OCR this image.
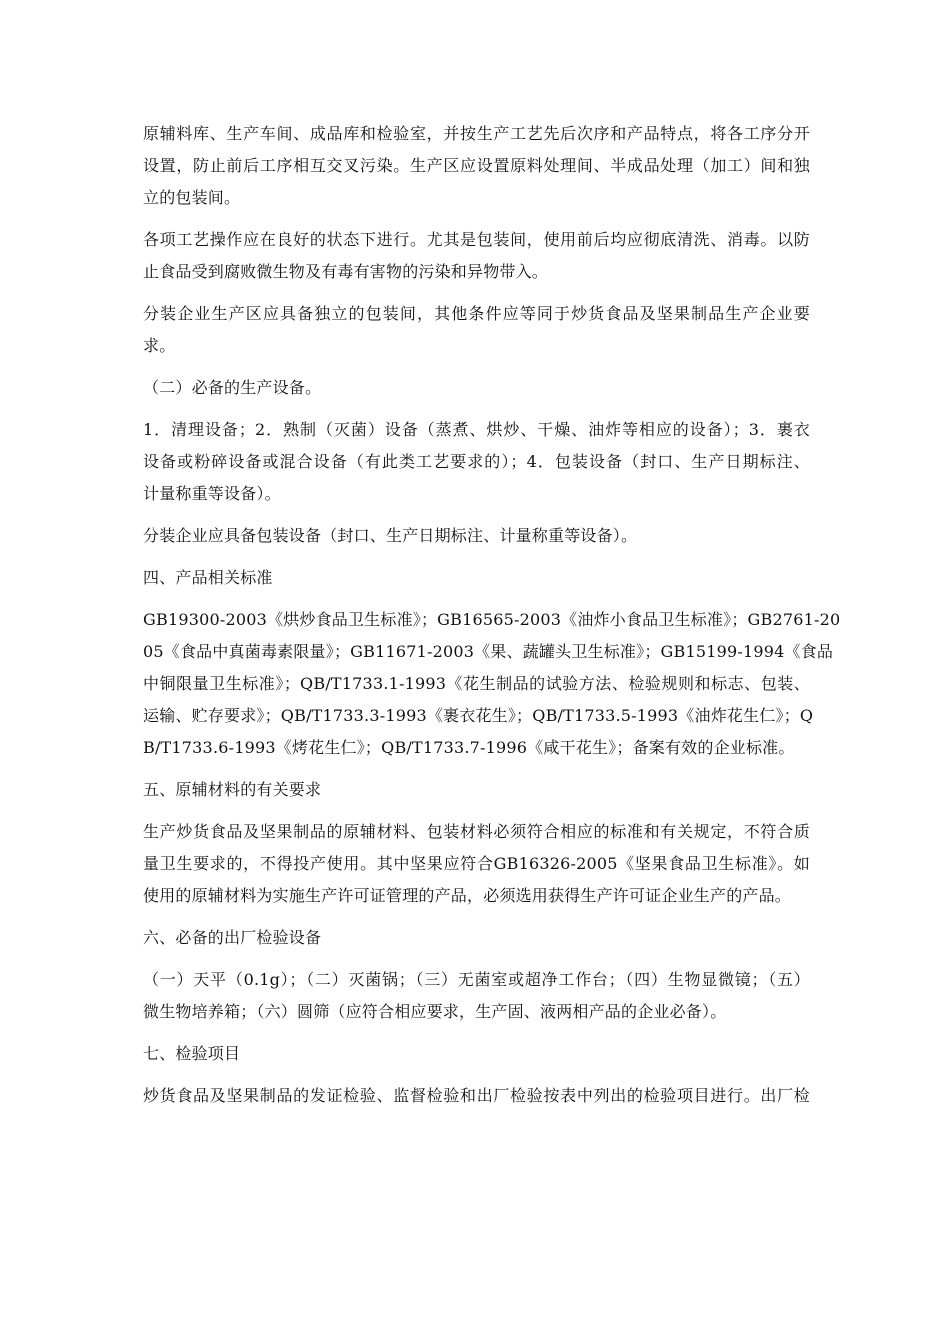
原辅料库、生产车间、成品库和检验室，并按生产工艺先后次序和产品特点，将各工序分开
设置，防止前后工序相互交叉污染。生产区应设置原料处理间、半成品处理（加工）间和独
立的包装间。
各项工艺操作应在良好的状态下进行。尤其是包装间，使用前后均应彻底清洗、消毒。以防
止食品受到腐败微生物及有毒有害物的污染和异物带入。
分装企业生产区应具备独立的包装间，其他条件应等同于炒货食品及坚果制品生产企业要
求。
（二）必备的生产设备。
1．清理设备；2．熟制（灭菌）设备（蒸煮、烘炒、干燥、油炸等相应的设备）；3．裹衣
设备或粉碎设备或混合设备（有此类工艺要求的）；4．包装设备（封口、生产日期标注、
计量称重等设备）。
分装企业应具备包装设备（封口、生产日期标注、计量称重等设备）。
四、产品相关标准
GB19300-2003《烘炒食品卫生标准》；GB16565-2003《油炸小食品卫生标准》；GB2761-20
05《食品中真菌毒素限量》；GB11671-2003《果、蔬罐头卫生标准》；GB15199-1994《食品
中铜限量卫生标准》；QB/T1733.1-1993《花生制品的试验方法、检验规则和标志、包装、
运输、贮存要求》；QB/T1733.3-1993《裹衣花生》；QB/T1733.5-1993《油炸花生仁》；Q
B/T1733.6-1993《烤花生仁》；QB/T1733.7-1996《咸干花生》；备案有效的企业标准。
五、原辅材料的有关要求
生产炒货食品及坚果制品的原辅材料、包装材料必须符合相应的标准和有关规定，不符合质
量卫生要求的，不得投产使用。其中坚果应符合GB16326-2005《坚果食品卫生标准》。如
使用的原辅材料为实施生产许可证管理的产品，必须选用获得生产许可证企业生产的产品。
六、必备的出厂检验设备
（一）天平（0.1g）；（二）灭菌锅；（三）无菌室或超净工作台；（四）生物显微镜；（五）
微生物培养箱；（六）圆筛（应符合相应要求，生产固、液两相产品的企业必备）。
七、检验项目
炒货食品及坚果制品的发证检验、监督检验和出厂检验按表中列出的检验项目进行。出厂检
